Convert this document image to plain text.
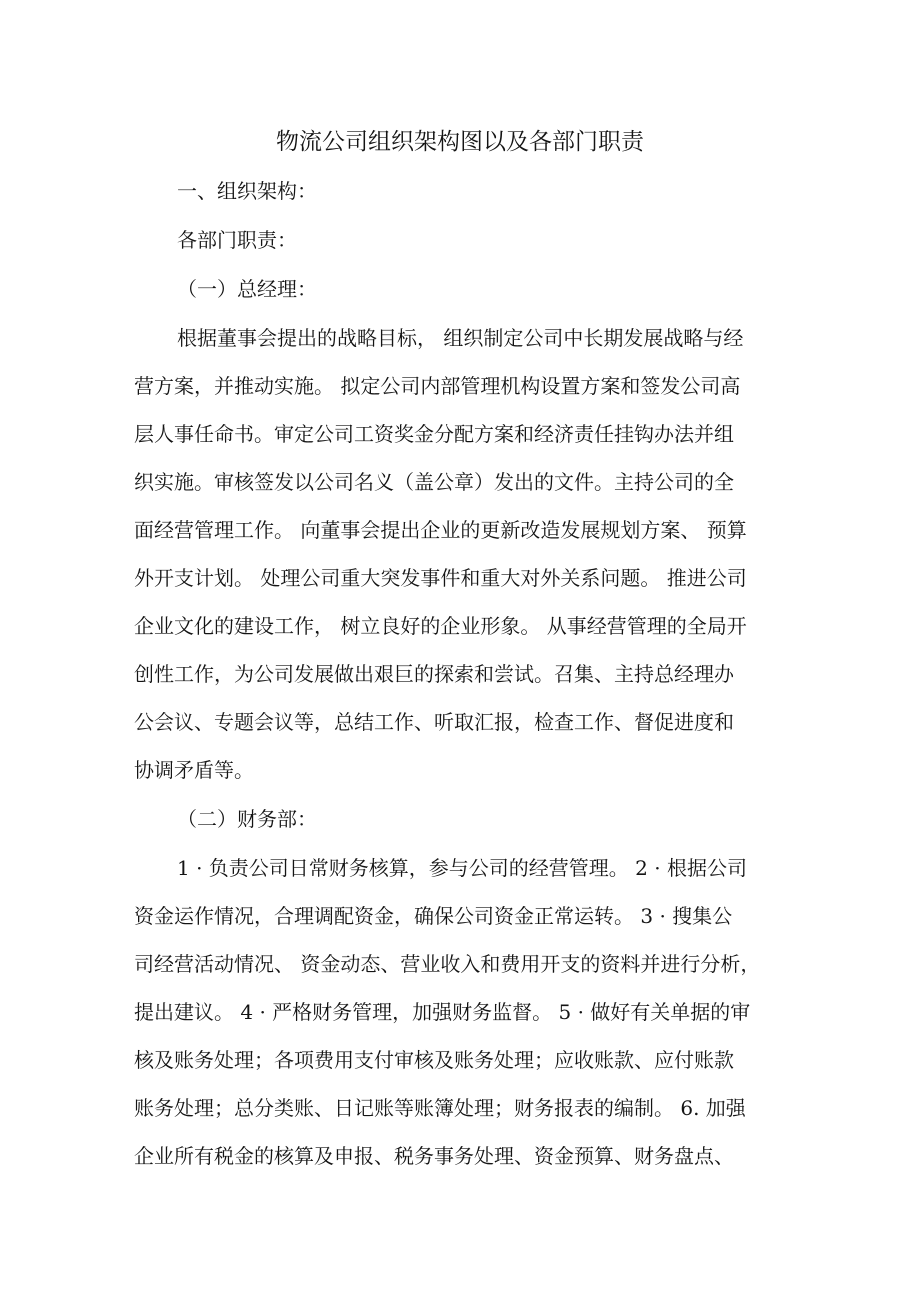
物流公司组织架构图以及各部门职责

一、组织架构：

各部门职责：

（一）总经理：

根据董事会提出的战略目标， 组织制定公司中长期发展战略与经

营方案，并推动实施。 拟定公司内部管理机构设置方案和签发公司高

层人事任命书。审定公司工资奖金分配方案和经济责任挂钩办法并组

织实施。审核签发以公司名义（盖公章）发出的文件。主持公司的全

面经营管理工作。 向董事会提出企业的更新改造发展规划方案、 预算

外开支计划。 处理公司重大突发事件和重大对外关系问题。 推进公司

企业文化的建设工作， 树立良好的企业形象。 从事经营管理的全局开

创性工作，为公司发展做出艰巨的探索和尝试。召集、主持总经理办

公会议、专题会议等，总结工作、听取汇报，检查工作、督促进度和

协调矛盾等。

（二）财务部：

1 · 负责公司日常财务核算，参与公司的经营管理。 2 · 根据公司

资金运作情况，合理调配资金，确保公司资金正常运转。 3 · 搜集公

司经营活动情况、 资金动态、营业收入和费用开支的资料并进行分析，

提出建议。 4 · 严格财务管理，加强财务监督。 5 · 做好有关单据的审

核及账务处理；各项费用支付审核及账务处理；应收账款、应付账款

账务处理；总分类账、日记账等账簿处理；财务报表的编制。 6. 加强

企业所有税金的核算及申报、税务事务处理、资金预算、财务盘点、
